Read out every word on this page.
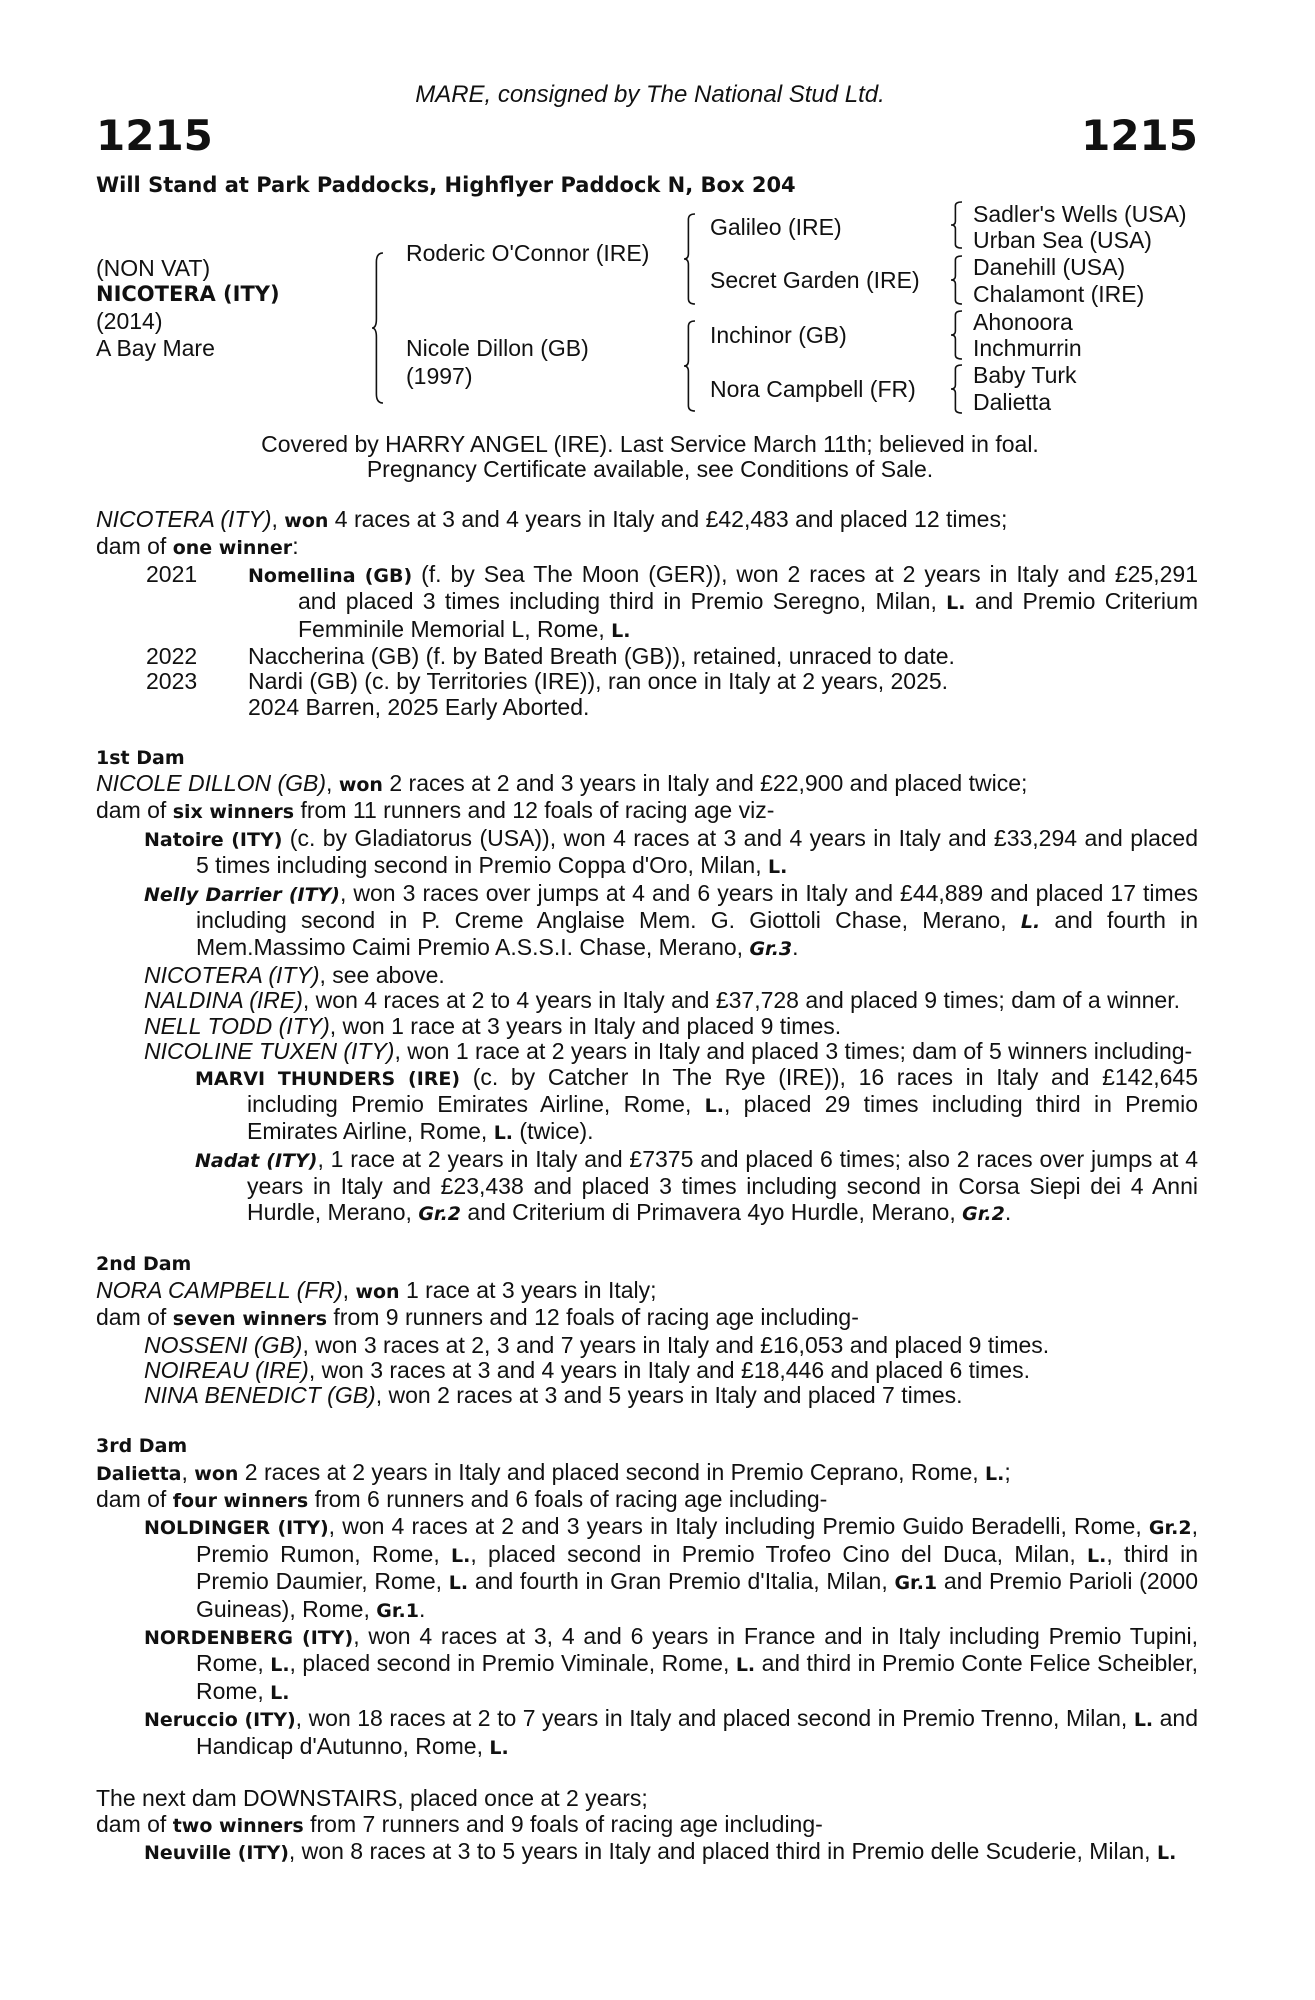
MARE, consigned by The National Stud Ltd.
1215	1215
Will Stand at Park Paddocks, Highflyer Paddock N, Box 204
(NON VAT)
NICOTERA (ITY)
(2014)
A Bay Mare
Roderic O'Connor (IRE)
Nicole Dillon (GB)
(1997)
Galileo (IRE)
Secret Garden (IRE)
Inchinor (GB)
Nora Campbell (FR)
Sadler's Wells (USA)
Urban Sea (USA)
Danehill (USA)
Chalamont (IRE)
Ahonoora
Inchmurrin
Baby Turk
Dalietta
Covered by HARRY ANGEL (IRE). Last Service March 11th; believed in foal.
Pregnancy Certificate available, see Conditions of Sale.
NICOTERA (ITY), won 4 races at 3 and 4 years in Italy and £42,483 and placed 12 times;
dam of one winner:
2021	Nomellina (GB) (f. by Sea The Moon (GER)), won 2 races at 2 years in Italy and £25,291 and placed 3 times including third in Premio Seregno, Milan, L. and Premio Criterium Femminile Memorial L, Rome, L.
2022	Naccherina (GB) (f. by Bated Breath (GB)), retained, unraced to date.
2023	Nardi (GB) (c. by Territories (IRE)), ran once in Italy at 2 years, 2025.
2024 Barren, 2025 Early Aborted.
1st Dam
NICOLE DILLON (GB), won 2 races at 2 and 3 years in Italy and £22,900 and placed twice;
dam of six winners from 11 runners and 12 foals of racing age viz-
Natoire (ITY) (c. by Gladiatorus (USA)), won 4 races at 3 and 4 years in Italy and £33,294 and placed 5 times including second in Premio Coppa d'Oro, Milan, L.
Nelly Darrier (ITY), won 3 races over jumps at 4 and 6 years in Italy and £44,889 and placed 17 times including second in P. Creme Anglaise Mem. G. Giottoli Chase, Merano, L. and fourth in Mem.Massimo Caimi Premio A.S.S.I. Chase, Merano, Gr.3.
NICOTERA (ITY), see above.
NALDINA (IRE), won 4 races at 2 to 4 years in Italy and £37,728 and placed 9 times; dam of a winner.
NELL TODD (ITY), won 1 race at 3 years in Italy and placed 9 times.
NICOLINE TUXEN (ITY), won 1 race at 2 years in Italy and placed 3 times; dam of 5 winners including-
MARVI THUNDERS (IRE) (c. by Catcher In The Rye (IRE)), 16 races in Italy and £142,645 including Premio Emirates Airline, Rome, L., placed 29 times including third in Premio Emirates Airline, Rome, L. (twice).
Nadat (ITY), 1 race at 2 years in Italy and £7375 and placed 6 times; also 2 races over jumps at 4 years in Italy and £23,438 and placed 3 times including second in Corsa Siepi dei 4 Anni Hurdle, Merano, Gr.2 and Criterium di Primavera 4yo Hurdle, Merano, Gr.2.
2nd Dam
NORA CAMPBELL (FR), won 1 race at 3 years in Italy;
dam of seven winners from 9 runners and 12 foals of racing age including-
NOSSENI (GB), won 3 races at 2, 3 and 7 years in Italy and £16,053 and placed 9 times.
NOIREAU (IRE), won 3 races at 3 and 4 years in Italy and £18,446 and placed 6 times.
NINA BENEDICT (GB), won 2 races at 3 and 5 years in Italy and placed 7 times.
3rd Dam
Dalietta, won 2 races at 2 years in Italy and placed second in Premio Ceprano, Rome, L.;
dam of four winners from 6 runners and 6 foals of racing age including-
NOLDINGER (ITY), won 4 races at 2 and 3 years in Italy including Premio Guido Beradelli, Rome, Gr.2, Premio Rumon, Rome, L., placed second in Premio Trofeo Cino del Duca, Milan, L., third in Premio Daumier, Rome, L. and fourth in Gran Premio d'Italia, Milan, Gr.1 and Premio Parioli (2000 Guineas), Rome, Gr.1.
NORDENBERG (ITY), won 4 races at 3, 4 and 6 years in France and in Italy including Premio Tupini, Rome, L., placed second in Premio Viminale, Rome, L. and third in Premio Conte Felice Scheibler, Rome, L.
Neruccio (ITY), won 18 races at 2 to 7 years in Italy and placed second in Premio Trenno, Milan, L. and Handicap d'Autunno, Rome, L.
The next dam DOWNSTAIRS, placed once at 2 years;
dam of two winners from 7 runners and 9 foals of racing age including-
Neuville (ITY), won 8 races at 3 to 5 years in Italy and placed third in Premio delle Scuderie, Milan, L.
